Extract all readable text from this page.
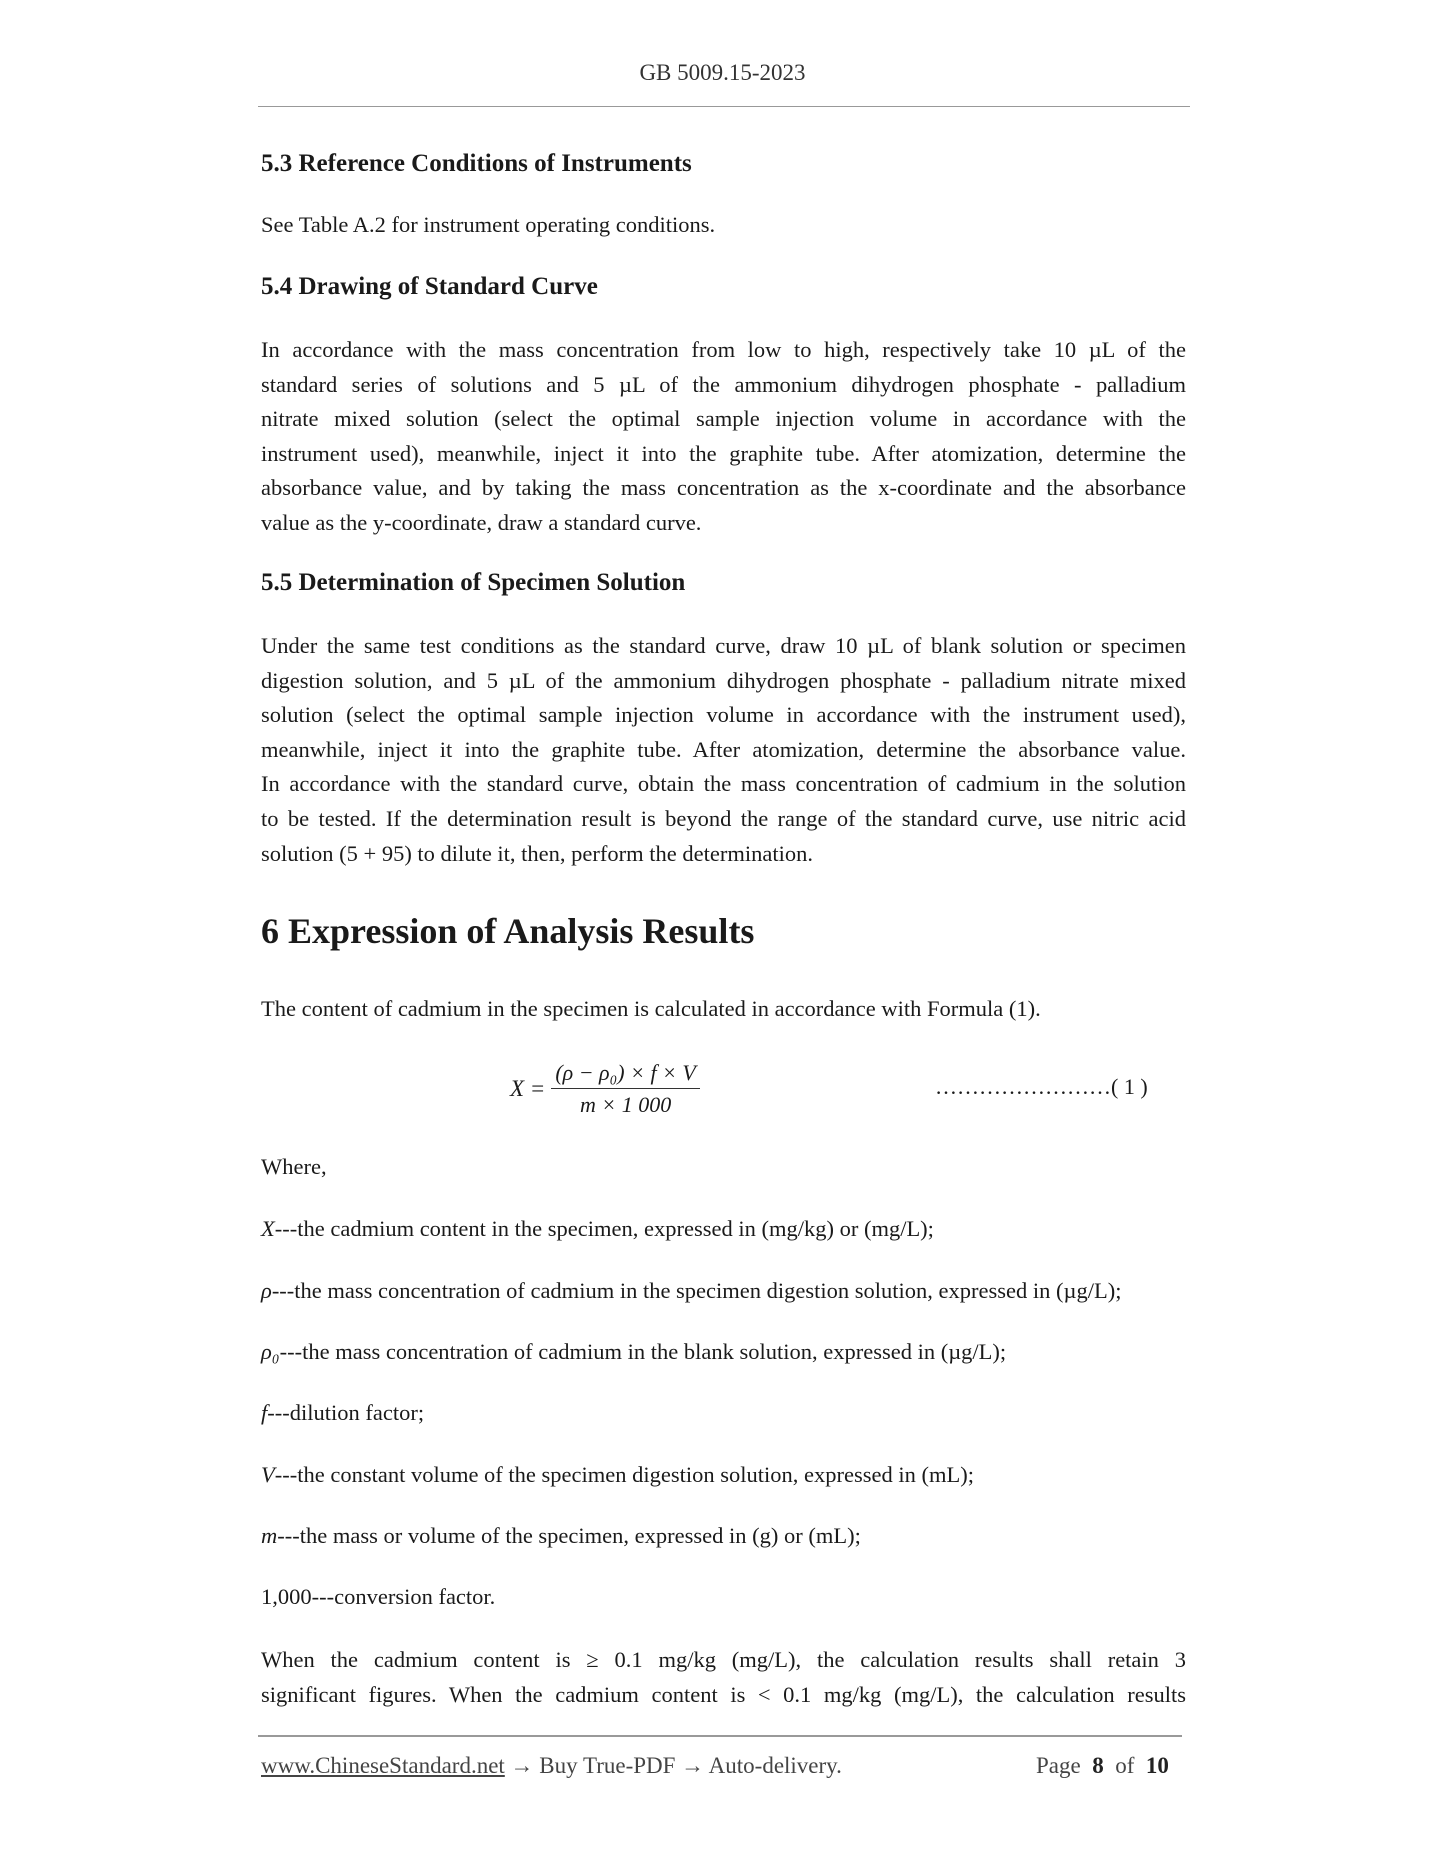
GB 5009.15-2023
5.3 Reference Conditions of Instruments
See Table A.2 for instrument operating conditions.
5.4 Drawing of Standard Curve
In accordance with the mass concentration from low to high, respectively take 10 µL of the
standard series of solutions and 5 µL of the ammonium dihydrogen phosphate - palladium
nitrate mixed solution (select the optimal sample injection volume in accordance with the
instrument used), meanwhile, inject it into the graphite tube. After atomization, determine the
absorbance value, and by taking the mass concentration as the x-coordinate and the absorbance
value as the y-coordinate, draw a standard curve.
5.5 Determination of Specimen Solution
Under the same test conditions as the standard curve, draw 10 µL of blank solution or specimen
digestion solution, and 5 µL of the ammonium dihydrogen phosphate - palladium nitrate mixed
solution (select the optimal sample injection volume in accordance with the instrument used),
meanwhile, inject it into the graphite tube. After atomization, determine the absorbance value.
In accordance with the standard curve, obtain the mass concentration of cadmium in the solution
to be tested. If the determination result is beyond the range of the standard curve, use nitric acid
solution (5 + 95) to dilute it, then, perform the determination.
6 Expression of Analysis Results
The content of cadmium in the specimen is calculated in accordance with Formula (1).
$X = \frac{\text{(ρ − ρ₀) × f × V}}{m \times 1 000}$	……………………( 1 )
Where,
X---the cadmium content in the specimen, expressed in (mg/kg) or (mg/L);
ρ---the mass concentration of cadmium in the specimen digestion solution, expressed in (µg/L);
ρ₀---the mass concentration of cadmium in the blank solution, expressed in (µg/L);
f---dilution factor;
V---the constant volume of the specimen digestion solution, expressed in (mL);
m---the mass or volume of the specimen, expressed in (g) or (mL);
1,000---conversion factor.
When the cadmium content is ≥ 0.1 mg/kg (mg/L), the calculation results shall retain 3
significant figures. When the cadmium content is < 0.1 mg/kg (mg/L), the calculation results
www.ChineseStandard.net → Buy True-PDF → Auto-delivery.	Page 8 of 10
